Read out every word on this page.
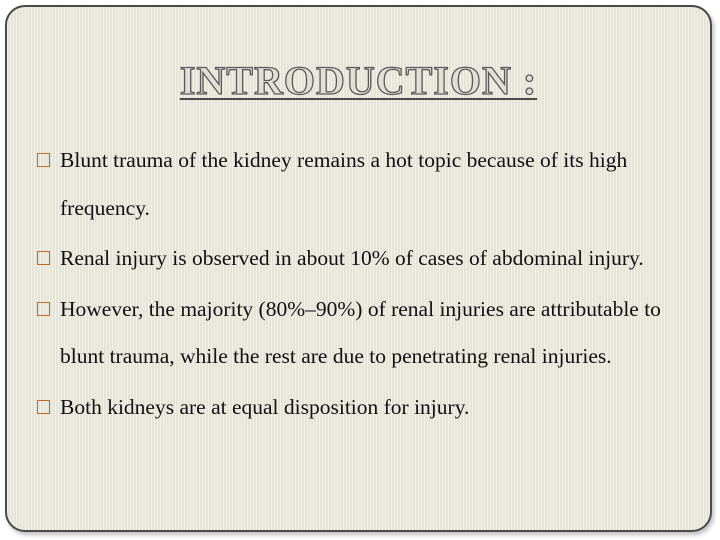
INTRODUCTION :
Blunt trauma of the kidney remains a hot topic because of its high frequency.
Renal injury is observed in about 10% of cases of abdominal injury.
However, the majority (80%–90%) of renal injuries are attributable to blunt trauma, while the rest are due to penetrating renal injuries.
Both kidneys are at equal disposition for injury.
